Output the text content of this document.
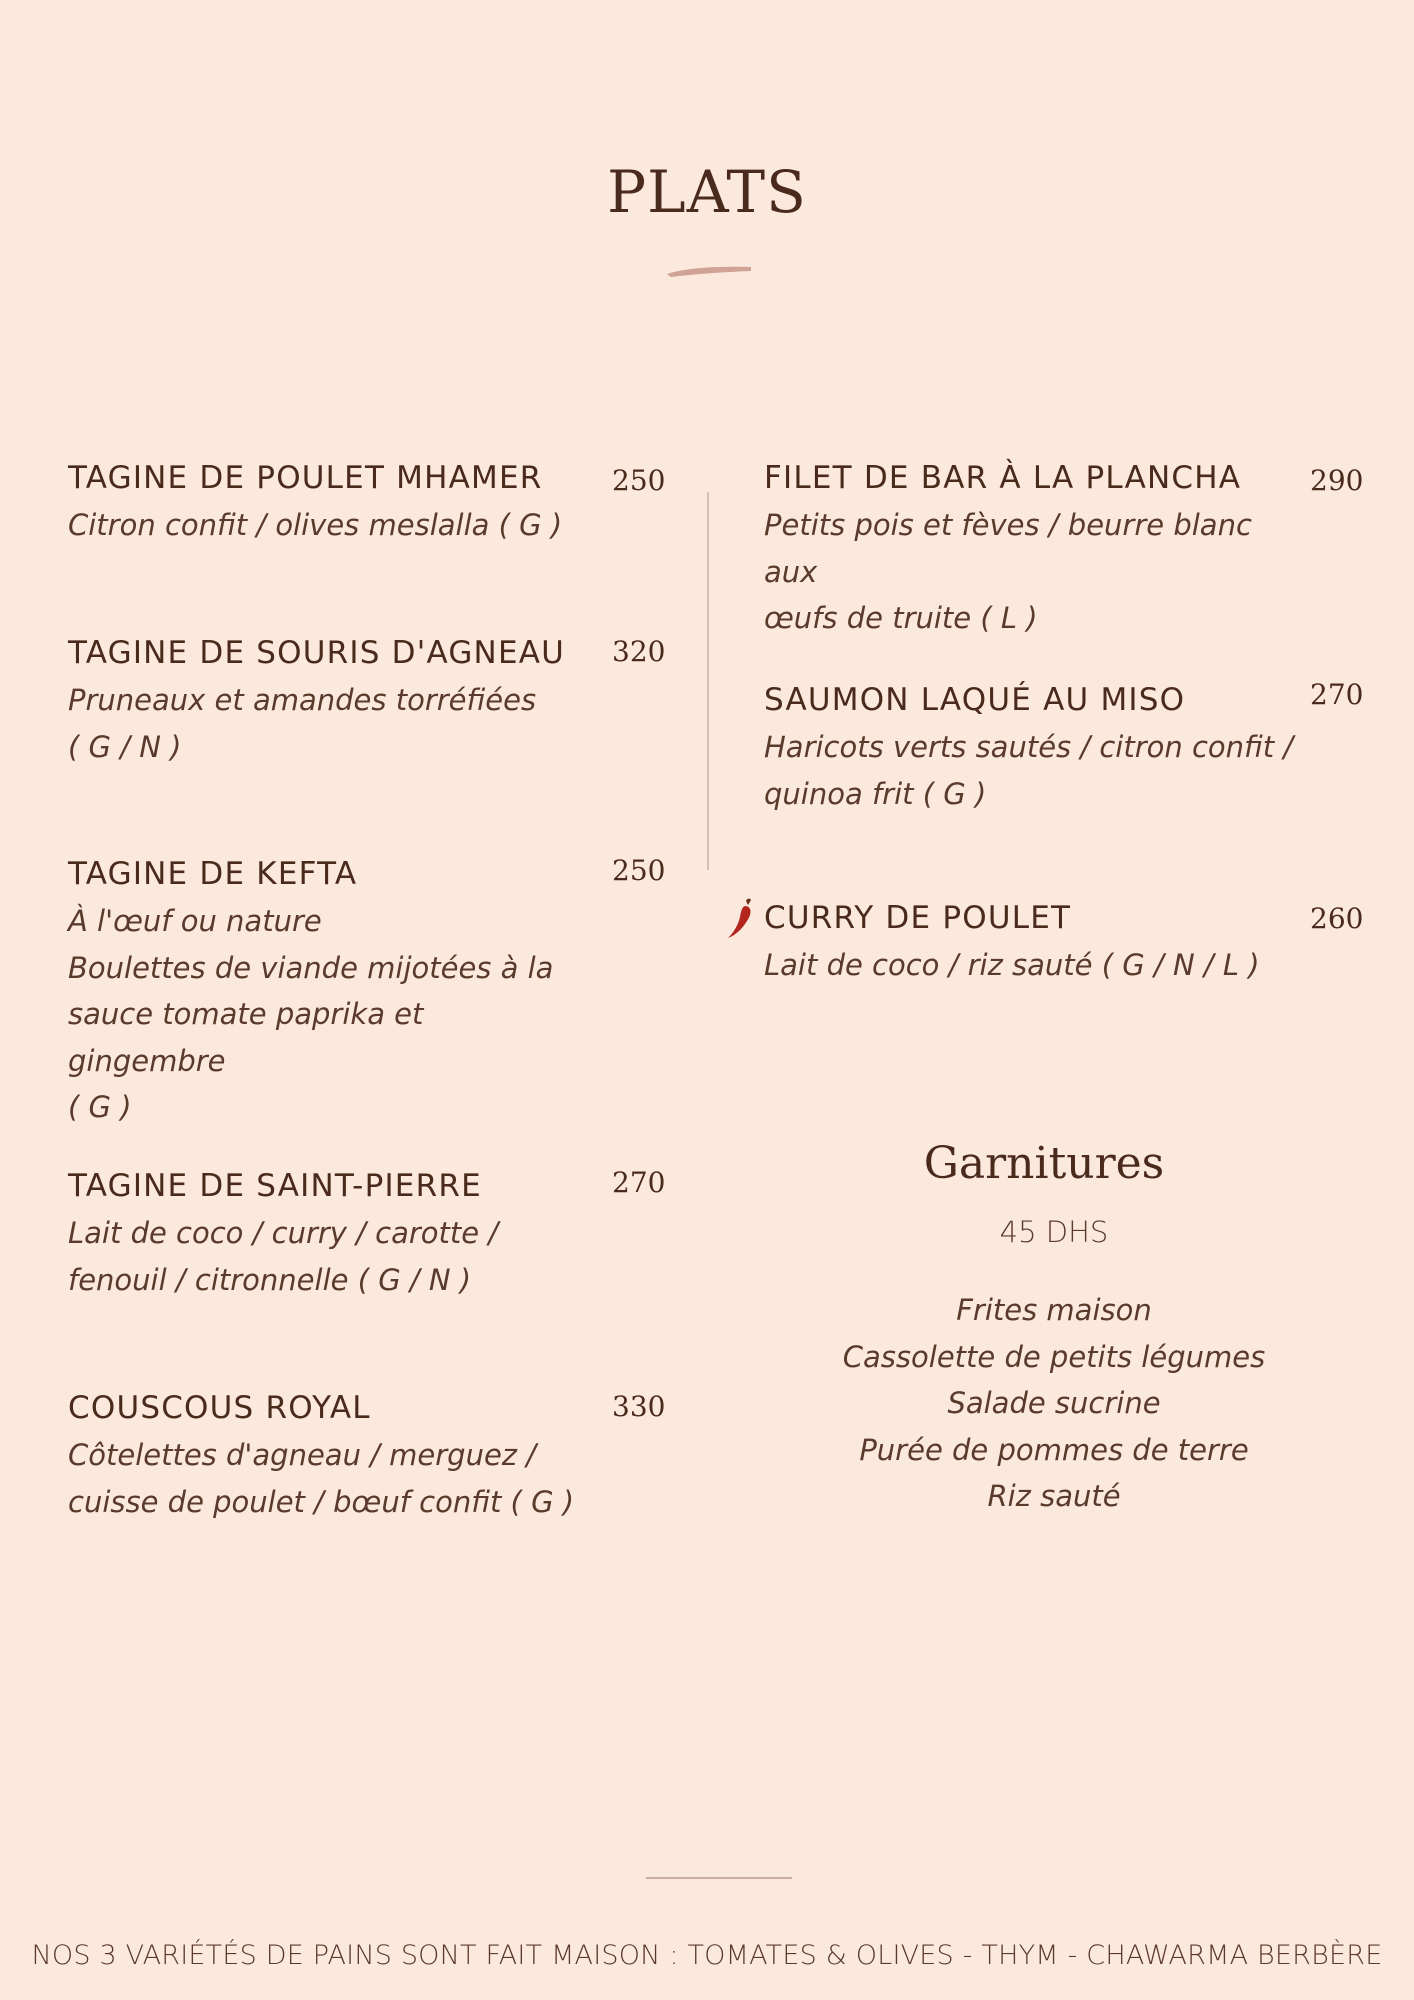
PLATS
TAGINE DE POULET MHAMER
Citron confit / olives meslalla ( G )
250
TAGINE DE SOURIS D'AGNEAU
Pruneaux et amandes torréfiées
( G / N )
320
TAGINE DE KEFTA
À l'œuf ou nature
Boulettes de viande mijotées à la
sauce tomate paprika et gingembre
( G )
250
TAGINE DE SAINT-PIERRE
Lait de coco / curry / carotte /
fenouil / citronnelle ( G / N )
270
COUSCOUS ROYAL
Côtelettes d'agneau / merguez /
cuisse de poulet / bœuf confit ( G )
330
FILET DE BAR À LA PLANCHA
Petits pois et fèves / beurre blanc aux
œufs de truite ( L )
290
SAUMON LAQUÉ AU MISO
Haricots verts sautés / citron confit /
quinoa frit ( G )
270
CURRY DE POULET
Lait de coco / riz sauté ( G / N / L )
260
Garnitures
45 DHS
Frites maison
Cassolette de petits légumes
Salade sucrine
Purée de pommes de terre
Riz sauté
NOS 3 VARIÉTÉS DE PAINS SONT FAIT MAISON : TOMATES & OLIVES - THYM - CHAWARMA BERBÈRE
